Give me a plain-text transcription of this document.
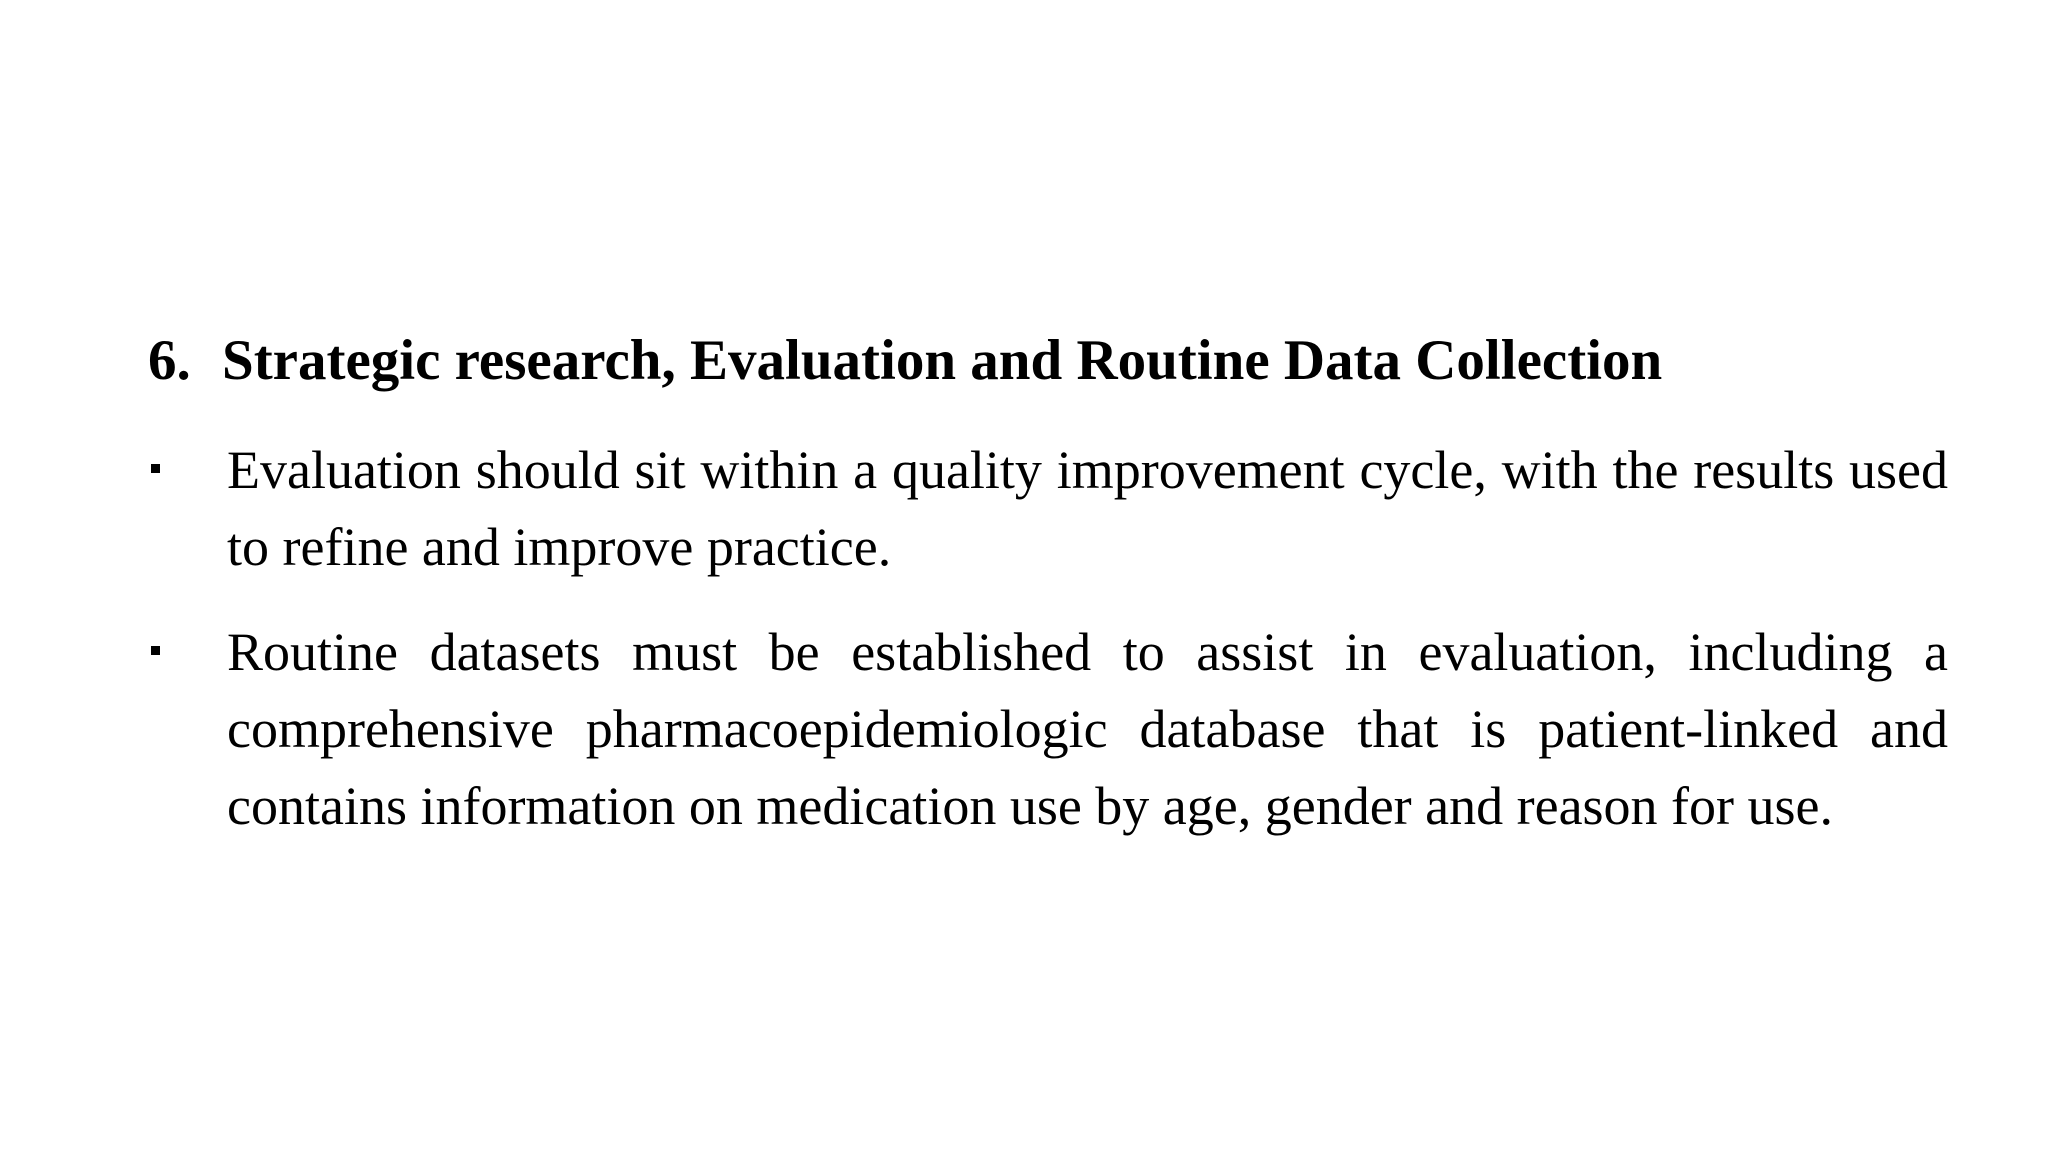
6. Strategic research, Evaluation and Routine Data Collection
Evaluation should sit within a quality improvement cycle, with the results used to refine and improve practice.
Routine datasets must be established to assist in evaluation, including a comprehensive pharmacoepidemiologic database that is patient-linked and contains information on medication use by age, gender and reason for use.
